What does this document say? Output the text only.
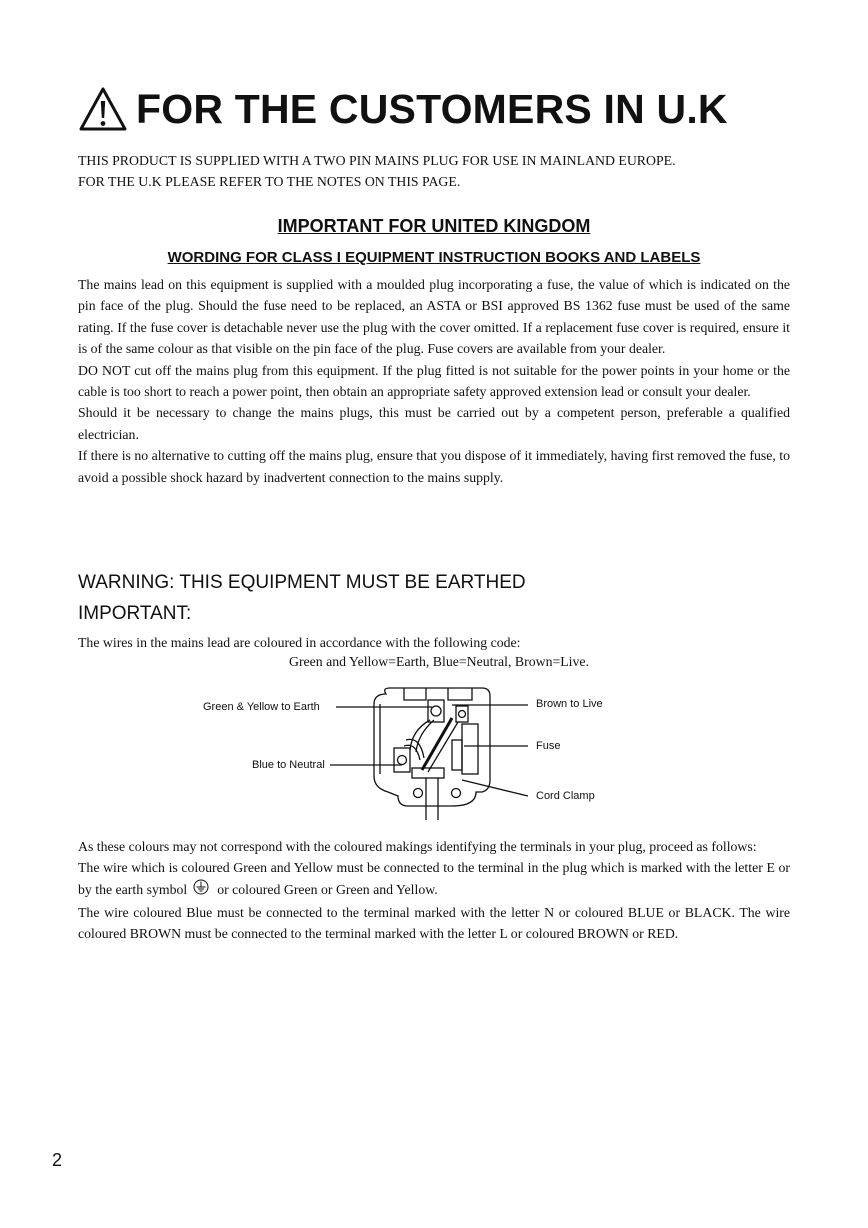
FOR THE CUSTOMERS IN U.K

THIS PRODUCT IS SUPPLIED WITH A TWO PIN MAINS PLUG FOR USE IN MAINLAND EUROPE.

FOR THE U.K PLEASE REFER TO THE NOTES ON THIS PAGE.

IMPORTANT FOR UNITED KINGDOM
WORDING FOR CLASS I EQUIPMENT INSTRUCTION BOOKS AND LABELS

The mains lead on this equipment is supplied with a moulded plug incorporating a fuse, the value of which is indicated on the pin face of the plug. Should the fuse need to be replaced, an ASTA or BSI approved BS 1362 fuse must be used of the same rating. If the fuse cover is detachable never use the plug with the cover omitted. If a replacement fuse cover is required, ensure it is of the same colour as that visible on the pin face of the plug. Fuse covers are available from your dealer.

DO NOT cut off the mains plug from this equipment. If the plug fitted is not suitable for the power points in your home or the cable is too short to reach a power point, then obtain an appropriate safety approved extension lead or consult your dealer.

Should it be necessary to change the mains plugs, this must be carried out by a competent person, preferable a qualified electrician.

If there is no alternative to cutting off the mains plug, ensure that you dispose of it immediately, having first removed the fuse, to avoid a possible shock hazard by inadvertent connection to the mains supply.

WARNING: THIS EQUIPMENT MUST BE EARTHED
IMPORTANT:

The wires in the mains lead are coloured in accordance with the following code:

Green and Yellow=Earth, Blue=Neutral, Brown=Live.
Green & Yellow to Earth
Blue to Neutral
Brown to Live
Fuse
Cord Clamp

As these colours may not correspond with the coloured makings identifying the terminals in your plug, proceed as follows:

The wire which is coloured Green and Yellow must be connected to the terminal in the plug which is marked with the letter E or by the earth symbol or coloured Green or Green and Yellow.

The wire coloured Blue must be connected to the terminal marked with the letter N or coloured BLUE or BLACK. The wire coloured BROWN must be connected to the terminal marked with the letter L or coloured BROWN or RED.

2
